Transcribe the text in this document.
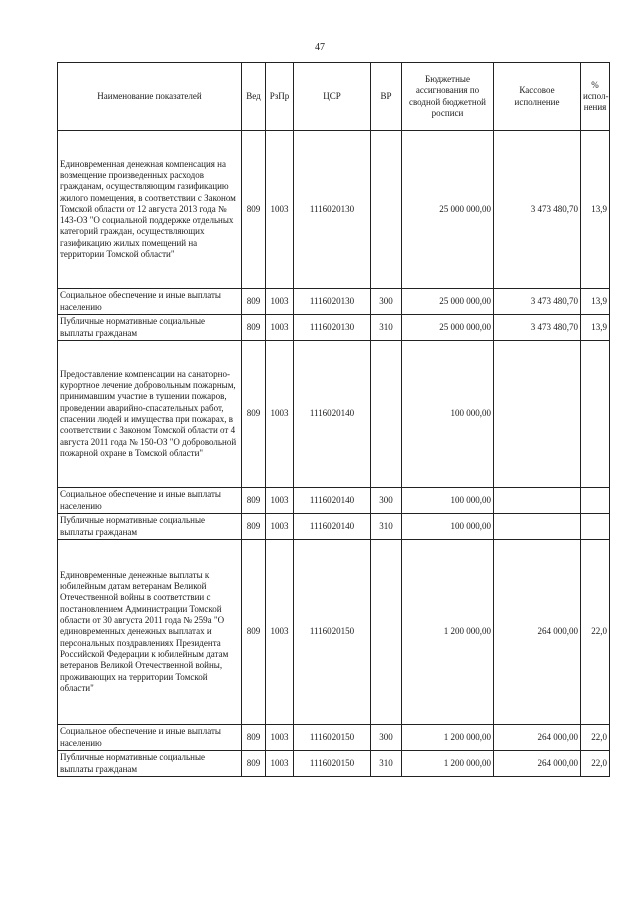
47
Наименование показателей	Вед	РзПр	ЦСР	ВР	Бюджетные ассигнования по сводной бюджетной росписи	Кассовое исполнение	% испол- нения
Единовременная денежная компенсация на возмещение произведенных расходов гражданам, осуществляющим газификацию жилого помещения, в соответствии с Законом Томской области от 12 августа 2013 года № 143-ОЗ "О социальной поддержке отдельных категорий граждан, осуществляющих газификацию жилых помещений на территории Томской области"	809	1003	1116020130		25 000 000,00	3 473 480,70	13,9
Социальное обеспечение и иные выплаты населению	809	1003	1116020130	300	25 000 000,00	3 473 480,70	13,9
Публичные нормативные социальные выплаты гражданам	809	1003	1116020130	310	25 000 000,00	3 473 480,70	13,9
Предоставление компенсации на санаторно-курортное лечение добровольным пожарным, принимавшим участие в тушении пожаров, проведении аварийно-спасательных работ, спасении людей и имущества при пожарах, в соответствии с Законом Томской области от 4 августа 2011 года № 150-ОЗ "О добровольной пожарной охране в Томской области"	809	1003	1116020140		100 000,00		
Социальное обеспечение и иные выплаты населению	809	1003	1116020140	300	100 000,00		
Публичные нормативные социальные выплаты гражданам	809	1003	1116020140	310	100 000,00		
Единовременные денежные выплаты к юбилейным датам ветеранам Великой Отечественной войны в соответствии с постановлением Администрации Томской области от 30 августа 2011 года № 259а "О единовременных денежных выплатах и персональных поздравлениях Президента Российской Федерации к юбилейным датам ветеранов Великой Отечественной войны, проживающих на территории Томской области"	809	1003	1116020150		1 200 000,00	264 000,00	22,0
Социальное обеспечение и иные выплаты населению	809	1003	1116020150	300	1 200 000,00	264 000,00	22,0
Публичные нормативные социальные выплаты гражданам	809	1003	1116020150	310	1 200 000,00	264 000,00	22,0
